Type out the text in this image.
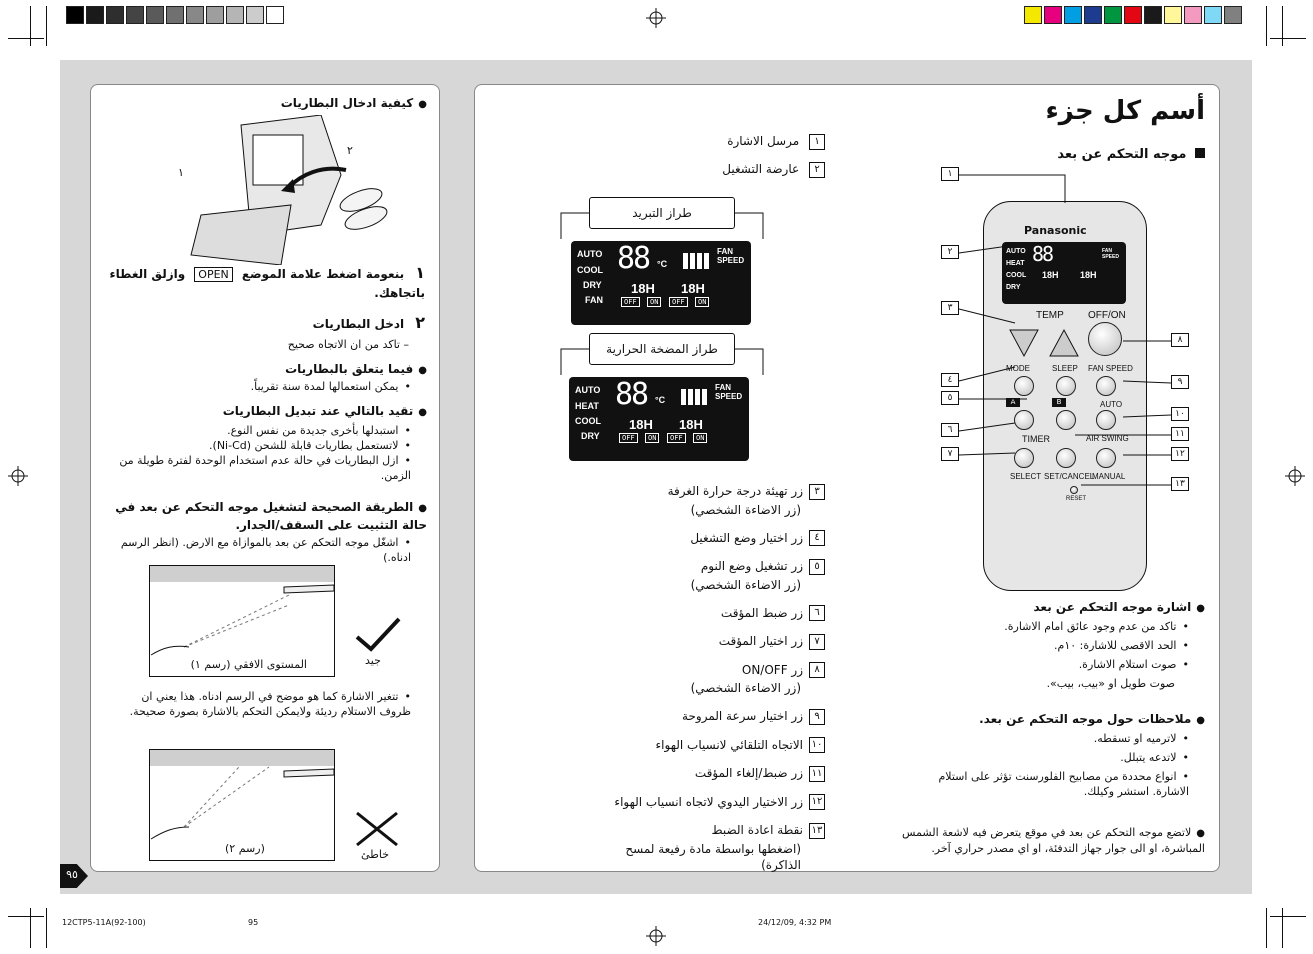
٩٥
● كيفية ادخال البطاريات
١
٢
١ بنعومة اضغط علامة الموضع OPEN وازلق الغطاء باتجاهك.
٢ ادخل البطاريات
– تاكد من ان الاتجاه صحيح
● فيما يتعلق بالبطاريات
• يمكن استعمالها لمدة سنة تقريباً.
● تقيد بالتالي عند تبديل البطاريات
• استبدلها بأخرى جديدة من نفس النوع.
• لاتستعمل بطاريات قابلة للشحن (Ni-Cd).
• ازل البطاريات في حالة عدم استخدام الوحدة لفترة طويلة من الزمن.
● الطريقة الصحيحة لتشغيل موجه التحكم عن بعد في حالة التثبيت على السقف/الجدار.
• اشغّل موجه التحكم عن بعد بالموازاة مع الارض. (انظر الرسم ادناه.)
المستوى الافقي (رسم ١)	جيد
• تتغير الاشارة كما هو موضح في الرسم ادناه. هذا يعني ان ظروف الاستلام رديئة ولايمكن التحكم بالاشارة بصورة صحيحة.
(رسم ٢)	خاطئ
١ مرسل الاشارة
٢ عارضة التشغيل
طراز التبريد
AUTO
COOL
DRY
FAN
88 °C
18H 18H
FAN SPEED
OFF	ON	OFF	ON
طراز المضخة الحرارية
AUTO
HEAT
COOL
DRY
88 °C
18H 18H
FAN SPEED
OFF	ON	OFF	ON
٣زر تهيئة درجة حرارة الغرفة
(زر الاضاءة الشخصي)
٤زر اختيار وضع التشغيل
٥زر تشغيل وضع النوم
(زر الاضاءة الشخصي)
٦زر ضبط المؤقت
٧زر اختيار المؤقت
٨زر ON/OFF
(زر الاضاءة الشخصي)
٩زر اختيار سرعة المروحة
١٠الاتجاه التلقائي لانسياب الهواء
١١زر ضبط/إلغاء المؤقت
١٢زر الاختيار اليدوي لاتجاه انسياب الهواء
١٣نقطة اعادة الضبط
(اضغطها بواسطة مادة رفيعة لمسح الذاكرة)
أسم كل جزء
موجه التحكم عن بعد
Panasonic
AUTO
HEAT
COOL
DRY
88
18H 18H
FAN SPEED
TEMP OFF/ON
MODE	SLEEP FAN SPEED
A	B	AUTO
TIMER	AIR SWING
SELECT SET/CANCEL
MANUAL
RESET
١
٢
٣
٤
٥
٦
٧
٨
٩
١٠
١١
١٢
١٣
● اشارة موجه التحكم عن بعد
• تاكد من عدم وجود عائق امام الاشارة.
• الحد الاقصى للاشارة: ١٠م.
• صوت استلام الاشارة.
صوت طويل او «بيب، بيب».
● ملاحظات حول موجه التحكم عن بعد.
• لاترميه او تسقطه.
• لاتدعه يتبلل.
• انواع محددة من مصابيح الفلورسنت تؤثر على استلام الاشارة. استشر وكيلك.
● لاتضع موجه التحكم عن بعد في موقع يتعرض فيه لاشعة الشمس المباشرة، او الى جوار جهاز التدفئة، او اي مصدر حراري آخر.
12CTP5-11A(92-100)	95	24/12/09, 4:32 PM
